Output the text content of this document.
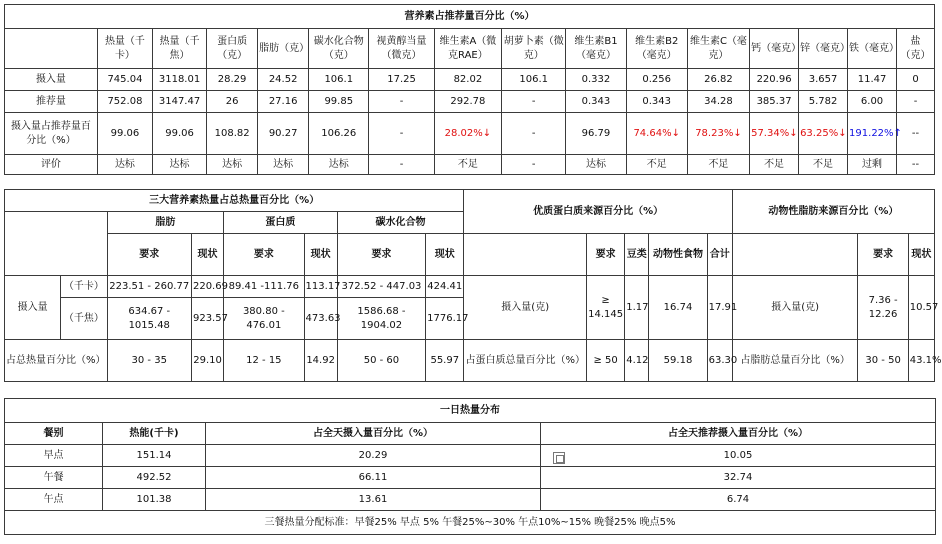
营养素占推荐量百分比（%）															
	热量（千卡）	热量（千焦）	蛋白质（克）	脂肪（克）	碳水化合物（克）	视黄醇当量（微克）	维生素A（微克RAE）	胡萝卜素（微克）	维生素B1（毫克）	维生素B2（毫克）	维生素C（毫克）	钙（毫克）	锌（毫克）	铁（毫克）	盐（克）
摄入量	745.04	3118.01	28.29	24.52	106.1	17.25	82.02	106.1	0.332	0.256	26.82	220.96	3.657	11.47	0
推荐量	752.08	3147.47	26	27.16	99.85	-	292.78	-	0.343	0.343	34.28	385.37	5.782	6.00	-
摄入量占推荐量百分比（%）	99.06	99.06	108.82	90.27	106.26	-	28.02%↓	-	96.79	74.64%↓	78.23%↓	57.34%↓	63.25%↓	191.22%↑	--
评价	达标	达标	达标	达标	达标	-	不足	-	达标	不足	不足	不足	不足	过剩	--
三大营养素热量占总热量百分比（%）								优质蛋白质来源百分比（%）					动物性脂肪来源百分比（%）		
		脂肪		蛋白质		碳水化合物									
		要求	现状	要求	现状	要求	现状		要求	豆类	动物性食物	合计		要求	现状
摄入量	（千卡）	223.51 - 260.77	220.69	89.41 -111.76	113.17	372.52 - 447.03	424.41	摄入量(克)	≥ 14.145	1.17	16.74	17.91	摄入量(克)	7.36 - 12.26	10.57
	（千焦）	634.67 - 1015.48	923.57	380.80 - 476.01	473.63	1586.68 - 1904.02	1776.17								
占总热量百分比（%）		30 - 35	29.10	12 - 15	14.92	50 - 60	55.97	占蛋白质总量百分比（%）	≥ 50	4.12	59.18	63.30	占脂肪总量百分比（%）	30 - 50	43.1%
一日热量分布			
餐别	热能(千卡)	占全天摄入量百分比（%）	占全天推荐摄入量百分比（%）
早点	151.14	20.29	10.05
午餐	492.52	66.11	32.74
午点	101.38	13.61	6.74
三餐热量分配标准：早餐25% 早点 5% 午餐25%~30% 午点10%~15% 晚餐25% 晚点5%			
